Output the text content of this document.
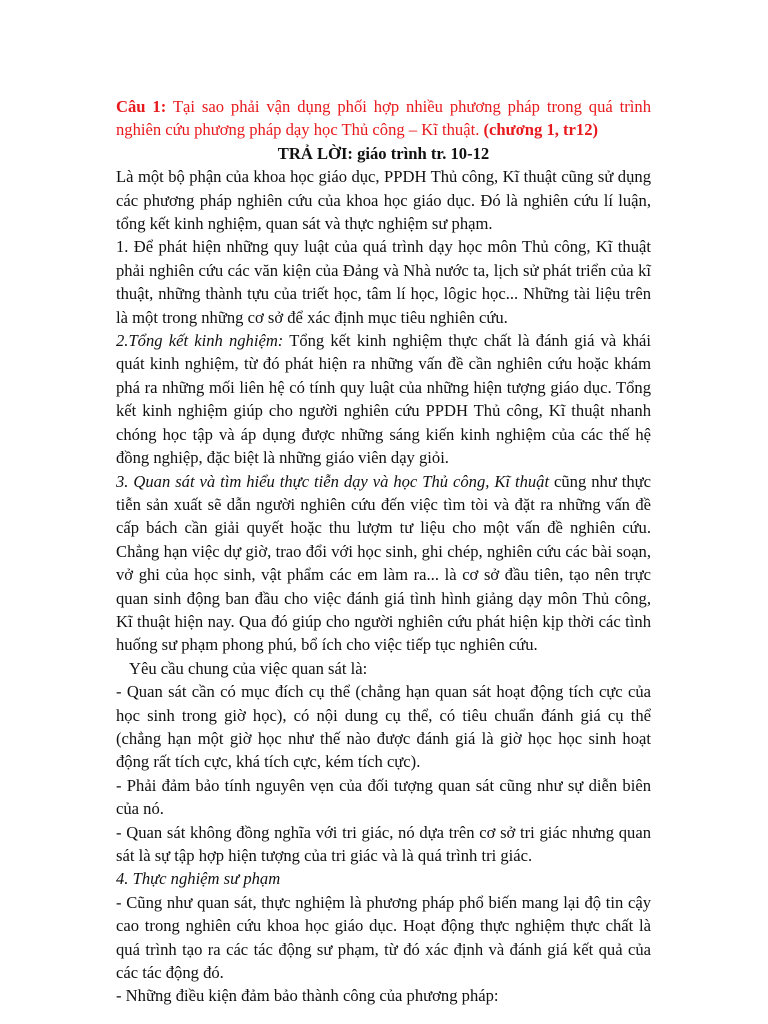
Câu 1: Tại sao phải vận dụng phối hợp nhiều phương pháp trong quá trình nghiên cứu phương pháp dạy học Thủ công – Kĩ thuật. (chương 1, tr12)

TRẢ LỜI: giáo trình tr. 10-12

Là một bộ phận của khoa học giáo dục, PPDH Thủ công, Kĩ thuật cũng sử dụng các phương pháp nghiên cứu của khoa học giáo dục. Đó là nghiên cứu lí luận, tổng kết kinh nghiệm, quan sát và thực nghiệm sư phạm.

1. Để phát hiện những quy luật của quá trình dạy học môn Thủ công, Kĩ thuật phải nghiên cứu các văn kiện của Đảng và Nhà nước ta, lịch sử phát triển của kĩ thuật, những thành tựu của triết học, tâm lí học, lôgic học... Những tài liệu trên là một trong những cơ sở để xác định mục tiêu nghiên cứu.

2.Tổng kết kinh nghiệm: Tổng kết kinh nghiệm thực chất là đánh giá và khái quát kinh nghiệm, từ đó phát hiện ra những vấn đề cần nghiên cứu hoặc khám phá ra những mối liên hệ có tính quy luật của những hiện tượng giáo dục. Tổng kết kinh nghiệm giúp cho người nghiên cứu PPDH Thủ công, Kĩ thuật nhanh chóng học tập và áp dụng được những sáng kiến kinh nghiệm của các thế hệ đồng nghiệp, đặc biệt là những giáo viên dạy giỏi.

3. Quan sát và tìm hiểu thực tiễn dạy và học Thủ công, Kĩ thuật cũng như thực tiễn sản xuất sẽ dẫn người nghiên cứu đến việc tìm tòi và đặt ra những vấn đề cấp bách cần giải quyết hoặc thu lượm tư liệu cho một vấn đề nghiên cứu. Chẳng hạn việc dự giờ, trao đổi với học sinh, ghi chép, nghiên cứu các bài soạn, vở ghi của học sinh, vật phẩm các em làm ra... là cơ sở đầu tiên, tạo nên trực quan sinh động ban đầu cho việc đánh giá tình hình giảng dạy môn Thủ công, Kĩ thuật hiện nay. Qua đó giúp cho người nghiên cứu phát hiện kịp thời các tình huống sư phạm phong phú, bổ ích cho việc tiếp tục nghiên cứu.

Yêu cầu chung của việc quan sát là:

- Quan sát cần có mục đích cụ thể (chẳng hạn quan sát hoạt động tích cực của học sinh trong giờ học), có nội dung cụ thể, có tiêu chuẩn đánh giá cụ thể (chẳng hạn một giờ học như thế nào được đánh giá là giờ học học sinh hoạt động rất tích cực, khá tích cực, kém tích cực).

- Phải đảm bảo tính nguyên vẹn của đối tượng quan sát cũng như sự diễn biên của nó.

- Quan sát không đồng nghĩa với tri giác, nó dựa trên cơ sở tri giác nhưng quan sát là sự tập hợp hiện tượng của tri giác và là quá trình tri giác.

4. Thực nghiệm sư phạm

- Cũng như quan sát, thực nghiệm là phương pháp phổ biến mang lại độ tin cậy cao trong nghiên cứu khoa học giáo dục. Hoạt động thực nghiệm thực chất là quá trình tạo ra các tác động sư phạm, từ đó xác định và đánh giá kết quả của các tác động đó.

- Những điều kiện đảm bảo thành công của phương pháp:
